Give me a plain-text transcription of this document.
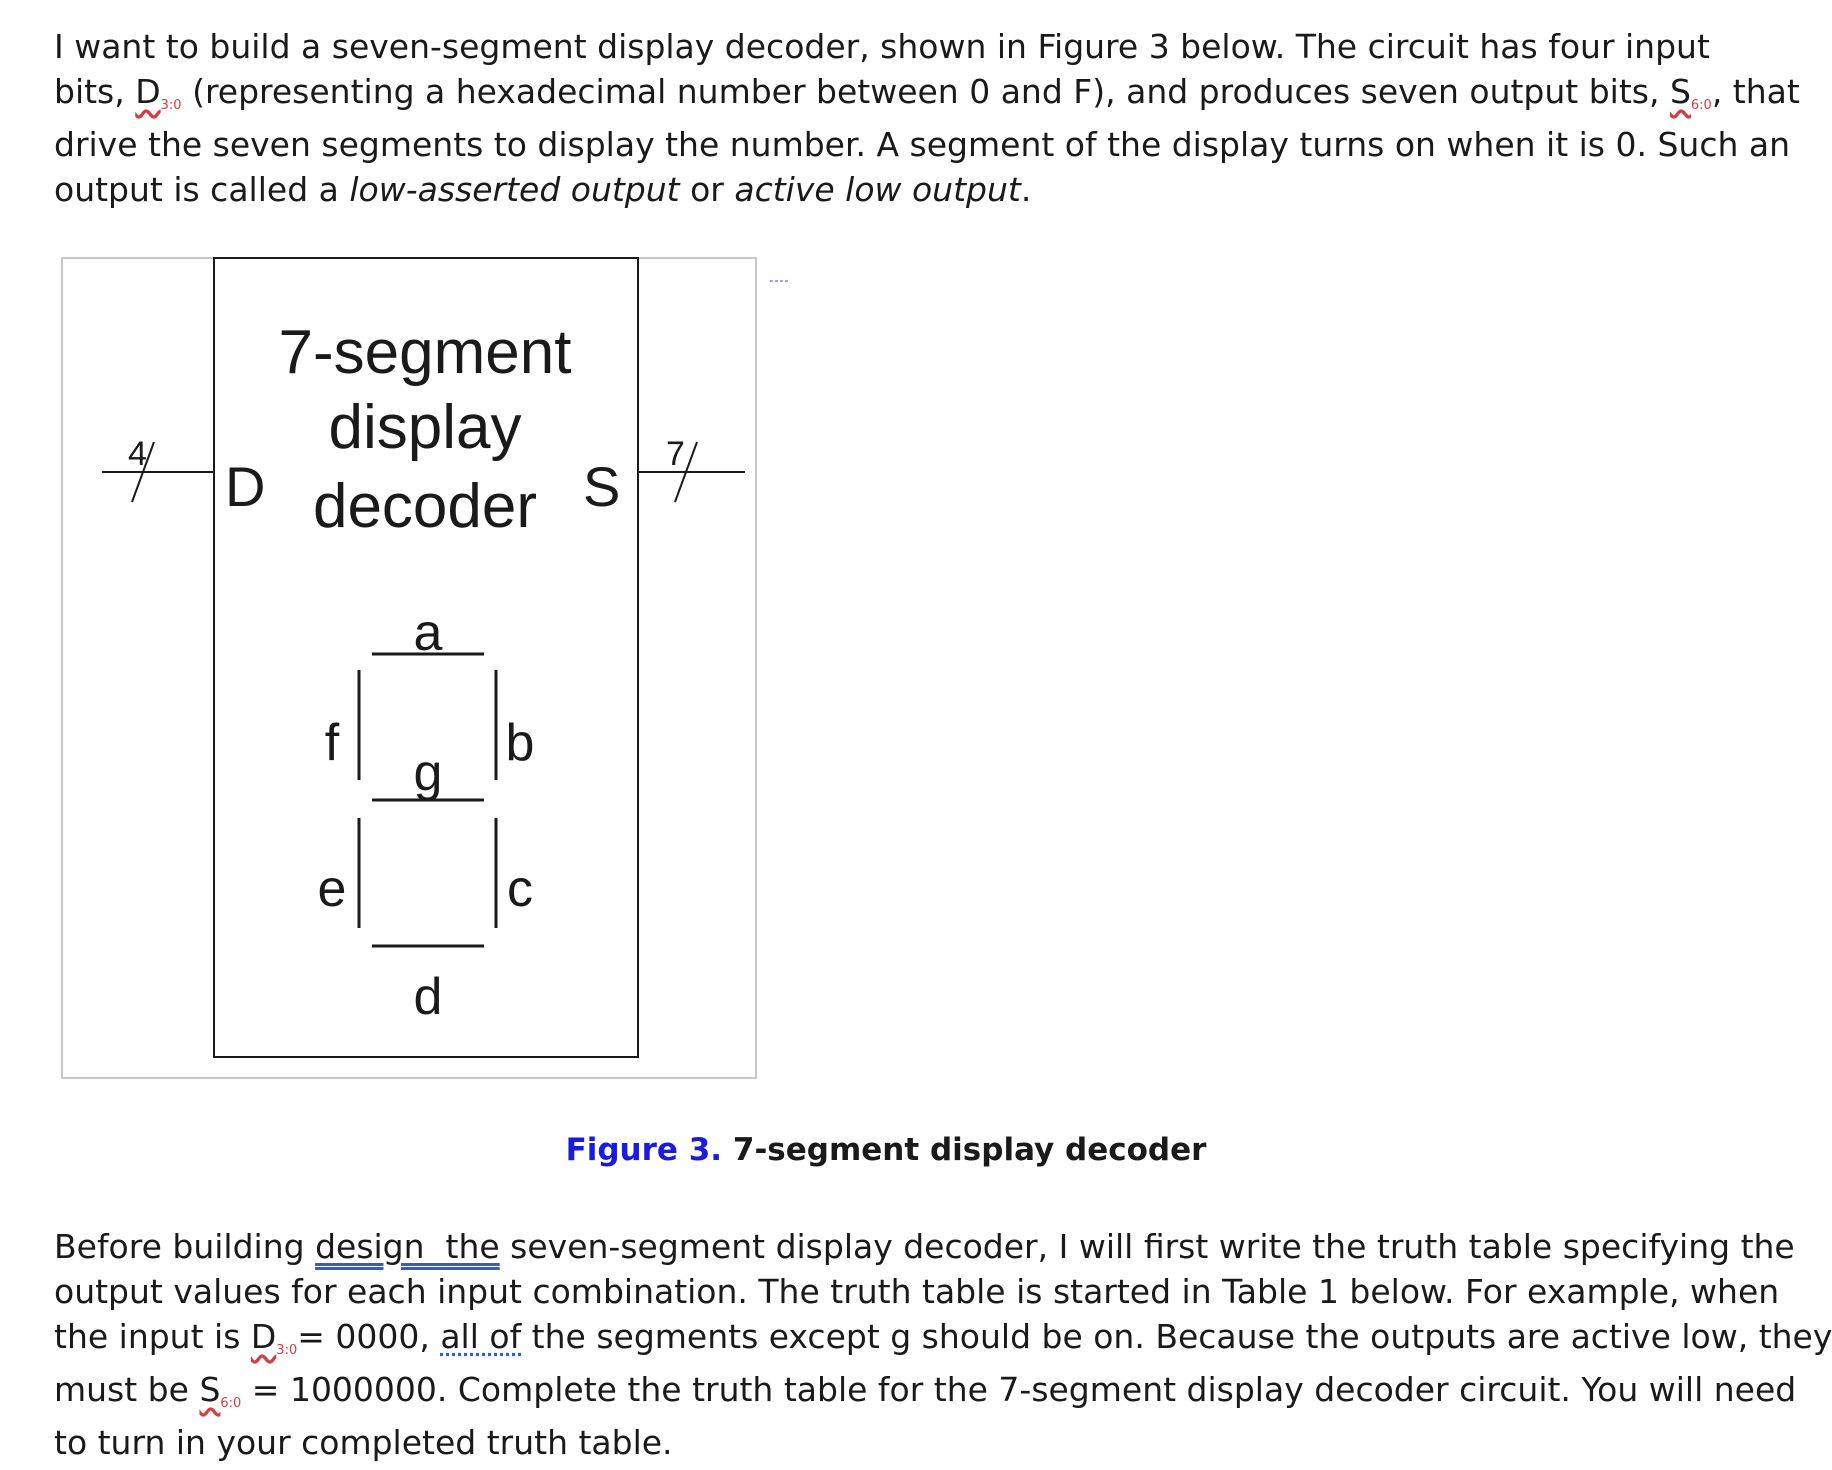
I want to build a seven-segment display decoder, shown in Figure 3 below. The circuit has four input

bits, D3:0 (representing a hexadecimal number between 0 and F), and produces seven output bits, S6:0, that

drive the seven segments to display the number. A segment of the display turns on when it is 0. Such an

output is called a low-asserted output or active low output.

7-segment
display
decoder
D	S
4	7
a
b
c
d
e
f
g
Figure 3. 7-segment display decoder

Before building design  the seven-segment display decoder, I will first write the truth table specifying the

output values for each input combination. The truth table is started in Table 1 below. For example, when

the input is D3:0= 0000, all of the segments except g should be on. Because the outputs are active low, they

must be S6:0 = 1000000. Complete the truth table for the 7-segment display decoder circuit. You will need

to turn in your completed truth table.
